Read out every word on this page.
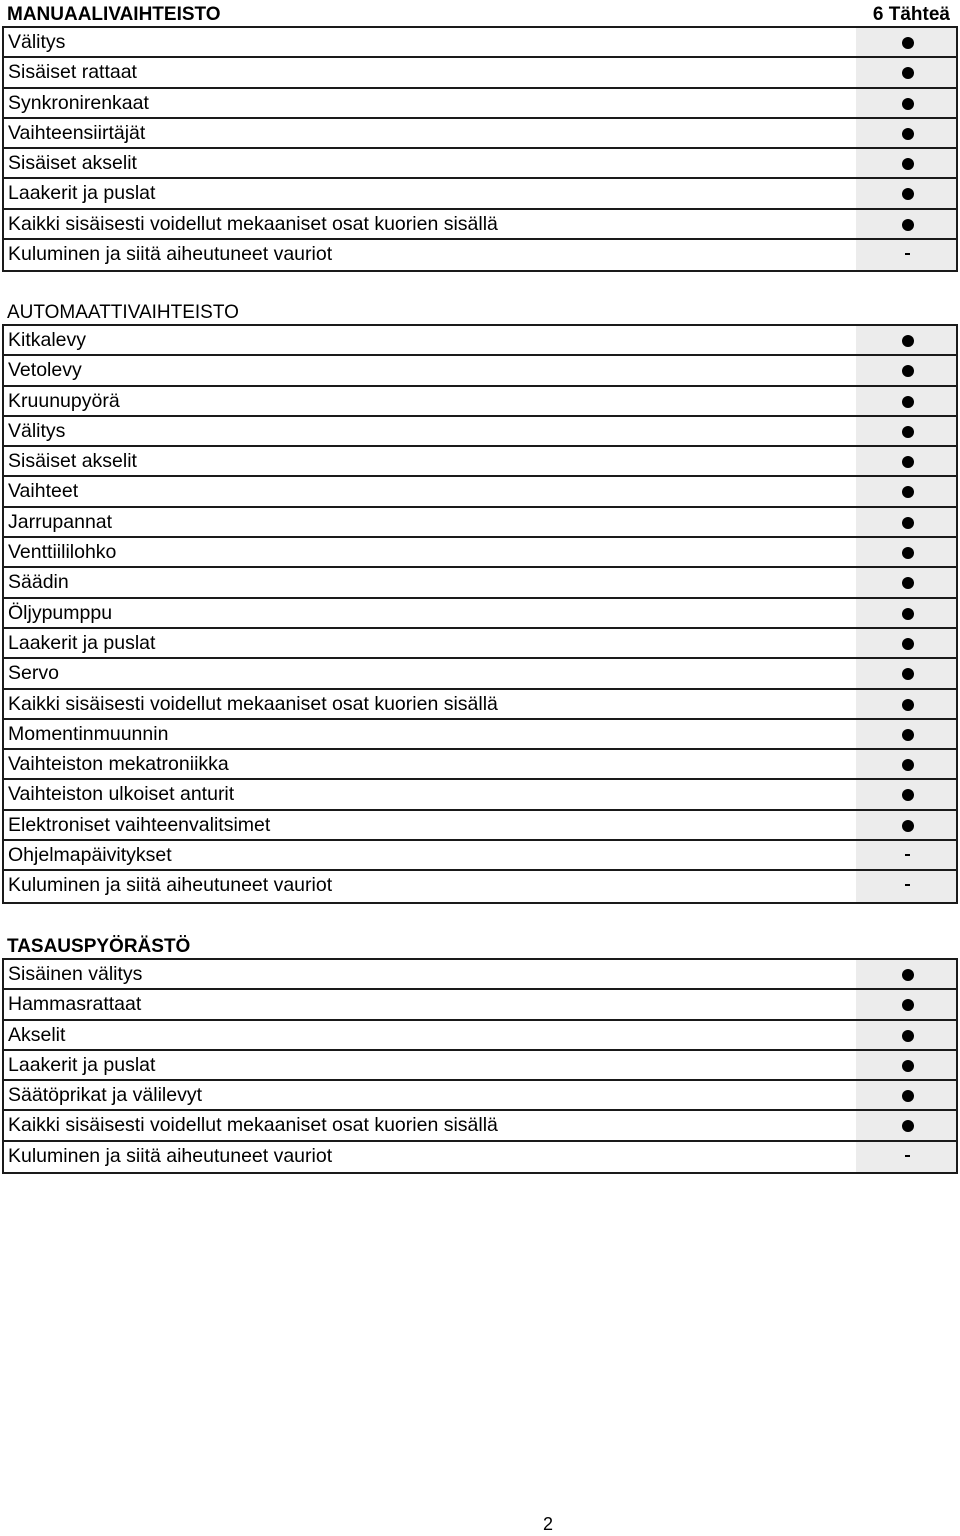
MANUAALIVAIHTEISTO	6 Tähteä
Välitys
Sisäiset rattaat
Synkronirenkaat
Vaihteensiirtäjät
Sisäiset akselit
Laakerit ja puslat
Kaikki sisäisesti voidellut mekaaniset osat kuorien sisällä
Kuluminen ja siitä aiheutuneet vauriot
AUTOMAATTIVAIHTEISTO
Kitkalevy
Vetolevy
Kruunupyörä
Välitys
Sisäiset akselit
Vaihteet
Jarrupannat
Venttiililohko
Säädin
Öljypumppu
Laakerit ja puslat
Servo
Kaikki sisäisesti voidellut mekaaniset osat kuorien sisällä
Momentinmuunnin
Vaihteiston mekatroniikka
Vaihteiston ulkoiset anturit
Elektroniset vaihteenvalitsimet
Ohjelmapäivitykset
Kuluminen ja siitä aiheutuneet vauriot
TASAUSPYÖRÄSTÖ
Sisäinen välitys
Hammasrattaat
Akselit
Laakerit ja puslat
Säätöprikat ja välilevyt
Kaikki sisäisesti voidellut mekaaniset osat kuorien sisällä
Kuluminen ja siitä aiheutuneet vauriot
2
